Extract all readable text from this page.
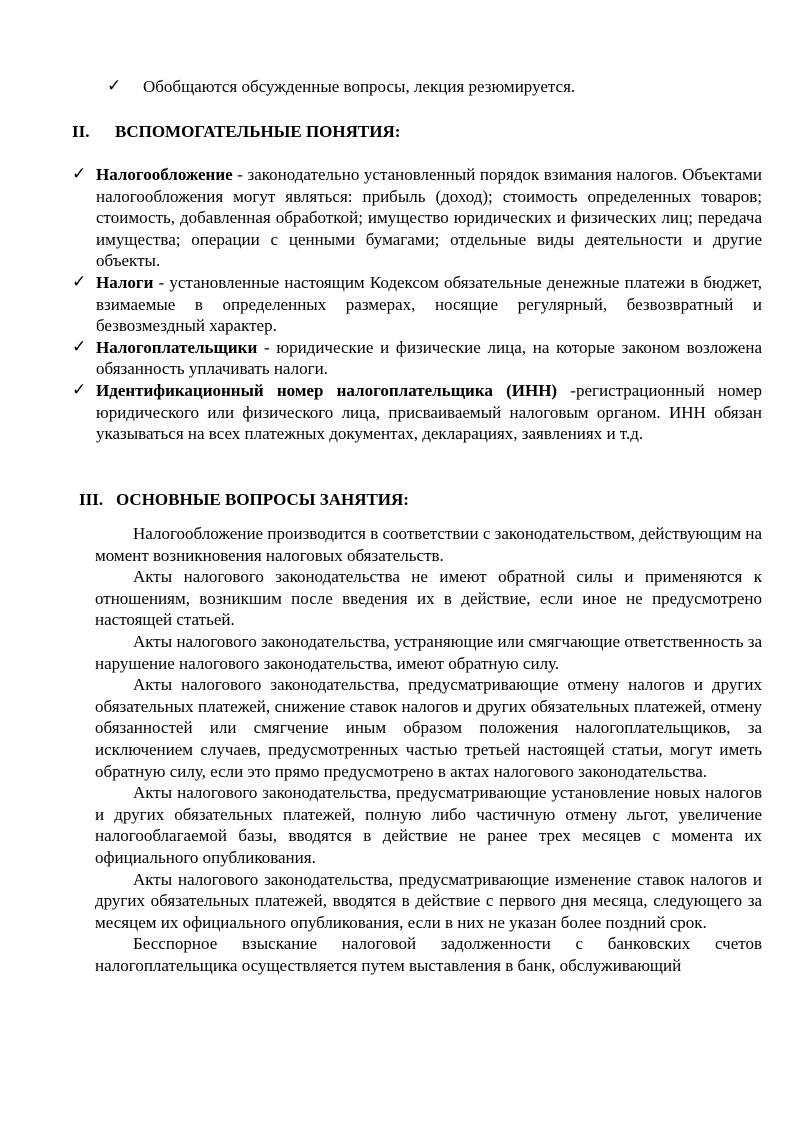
✓ Обобщаются обсужденные вопросы, лекция резюмируется.
II. ВСПОМОГАТЕЛЬНЫЕ ПОНЯТИЯ:
✓ Налогообложение - законодательно установленный порядок взимания налогов. Объектами налогообложения могут являться: прибыль (доход); стоимость определенных товаров; стоимость, добавленная обработкой; имущество юридических и физических лиц; передача имущества; операции с ценными бумагами; отдельные виды деятельности и другие объекты.
✓ Налоги - установленные настоящим Кодексом обязательные денежные платежи в бюджет, взимаемые в определенных размерах, носящие регулярный, безвозвратный и безвозмездный характер.
✓ Налогоплательщики - юридические и физические лица, на которые законом возложена обязанность уплачивать налоги.
✓ Идентификационный номер налогоплательщика (ИНН) -регистрационный номер юридического или физического лица, присваиваемый налоговым органом. ИНН обязан указываться на всех платежных документах, декларациях, заявлениях и т.д.
III. ОСНОВНЫЕ ВОПРОСЫ ЗАНЯТИЯ:

Налогообложение производится в соответствии с законодательством, действующим на момент возникновения налоговых обязательств.

Акты налогового законодательства не имеют обратной силы и применяются к отношениям, возникшим после введения их в действие, если иное не предусмотрено настоящей статьей.

Акты налогового законодательства, устраняющие или смягчающие ответственность за нарушение налогового законодательства, имеют обратную силу.

Акты налогового законодательства, предусматривающие отмену налогов и других обязательных платежей, снижение ставок налогов и других обязательных платежей, отмену обязанностей или смягчение иным образом положения налогоплательщиков, за исключением случаев, предусмотренных частью третьей настоящей статьи, могут иметь обратную силу, если это прямо предусмотрено в актах налогового законодательства.

Акты налогового законодательства, предусматривающие установление новых налогов и других обязательных платежей, полную либо частичную отмену льгот, увеличение налогооблагаемой базы, вводятся в действие не ранее трех месяцев с момента их официального опубликования.

Акты налогового законодательства, предусматривающие изменение ставок налогов и других обязательных платежей, вводятся в действие с первого дня месяца, следующего за месяцем их официального опубликования, если в них не указан более поздний срок.

Бесспорное взыскание налоговой задолженности с банковских счетов налогоплательщика осуществляется путем выставления в банк, обслуживающий
